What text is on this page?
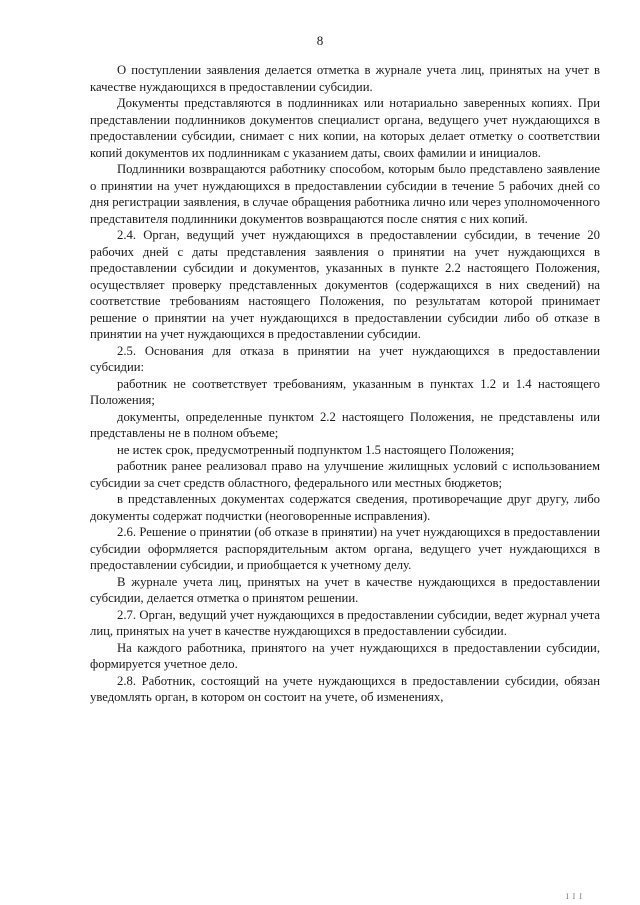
8

О поступлении заявления делается отметка в журнале учета лиц, принятых на учет в качестве нуждающихся в предоставлении субсидии.

Документы представляются в подлинниках или нотариально заверенных копиях. При представлении подлинников документов специалист органа, ведущего учет нуждающихся в предоставлении субсидии, снимает с них копии, на которых делает отметку о соответствии копий документов их подлинникам с указанием даты, своих фамилии и инициалов.

Подлинники возвращаются работнику способом, которым было представлено заявление о принятии на учет нуждающихся в предоставлении субсидии в течение 5 рабочих дней со дня регистрации заявления, в случае обращения работника лично или через уполномоченного представителя подлинники документов возвращаются после снятия с них копий.

2.4. Орган, ведущий учет нуждающихся в предоставлении субсидии, в течение 20 рабочих дней с даты представления заявления о принятии на учет нуждающихся в предоставлении субсидии и документов, указанных в пункте 2.2 настоящего Положения, осуществляет проверку представленных документов (содержащихся в них сведений) на соответствие требованиям настоящего Положения, по результатам которой принимает решение о принятии на учет нуждающихся в предоставлении субсидии либо об отказе в принятии на учет нуждающихся в предоставлении субсидии.

2.5. Основания для отказа в принятии на учет нуждающихся в предоставлении субсидии:

работник не соответствует требованиям, указанным в пунктах 1.2 и 1.4 настоящего Положения;

документы, определенные пунктом 2.2 настоящего Положения, не представлены или представлены не в полном объеме;

не истек срок, предусмотренный подпунктом 1.5 настоящего Положения;

работник ранее реализовал право на улучшение жилищных условий с использованием субсидии за счет средств областного, федерального или местных бюджетов;

в представленных документах содержатся сведения, противоречащие друг другу, либо документы содержат подчистки (неоговоренные исправления).

2.6. Решение о принятии (об отказе в принятии) на учет нуждающихся в предоставлении субсидии оформляется распорядительным актом органа, ведущего учет нуждающихся в предоставлении субсидии, и приобщается к учетному делу.

В журнале учета лиц, принятых на учет в качестве нуждающихся в предоставлении субсидии, делается отметка о принятом решении.

2.7. Орган, ведущий учет нуждающихся в предоставлении субсидии, ведет журнал учета лиц, принятых на учет в качестве нуждающихся в предоставлении субсидии.

На каждого работника, принятого на учет нуждающихся в предоставлении субсидии, формируется учетное дело.

2.8. Работник, состоящий на учете нуждающихся в предоставлении субсидии, обязан уведомлять орган, в котором он состоит на учете, об изменениях,

I I I
